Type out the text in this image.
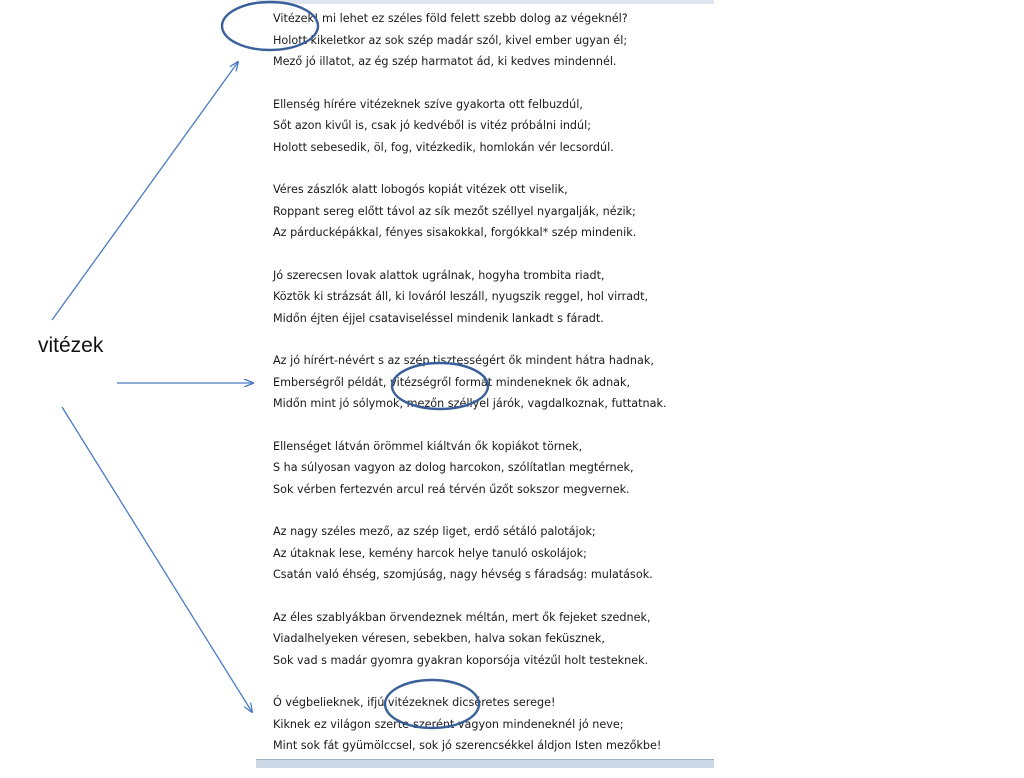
Vitézek! mi lehet ez széles föld felett szebb dolog az végeknél?
Holott kikeletkor az sok szép madár szól, kivel ember ugyan él;
Mező jó illatot, az ég szép harmatot ád, ki kedves mindennél.
Ellenség hírére vitézeknek szíve gyakorta ott felbuzdúl,
Sőt azon kivűl is, csak jó kedvéből is vitéz próbálni indúl;
Holott sebesedik, öl, fog, vitézkedik, homlokán vér lecsordúl.
Véres zászlók alatt lobogós kopiát vitézek ott viselik,
Roppant sereg előtt távol az sík mezőt széllyel nyargalják, nézik;
Az párducképákkal, fényes sisakokkal, forgókkal* szép mindenik.
Jó szerecsen lovak alattok ugrálnak, hogyha trombita riadt,
Köztök ki strázsát áll, ki lováról leszáll, nyugszik reggel, hol virradt,
Midőn éjten éjjel csataviseléssel mindenik lankadt s fáradt.
Az jó hírért-névért s az szép tisztességért ők mindent hátra hadnak,
Emberségről példát, vitézségről formát mindeneknek ők adnak,
Midőn mint jó sólymok, mezőn széllyel járók, vagdalkoznak, futtatnak.
Ellenséget látván örömmel kiáltván ők kopiákot törnek,
S ha súlyosan vagyon az dolog harcokon, szólítatlan megtérnek,
Sok vérben fertezvén arcul reá térvén űzőt sokszor megvernek.
Az nagy széles mező, az szép liget, erdő sétáló palotájok;
Az útaknak lese, kemény harcok helye tanuló oskolájok;
Csatán való éhség, szomjúság, nagy hévség s fáradság: mulatások.
Az éles szablyákban örvendeznek méltán, mert ők fejeket szednek,
Viadalhelyeken véresen, sebekben, halva sokan feküsznek,
Sok vad s madár gyomra gyakran koporsója vitézűl holt testeknek.
Ó végbelieknek, ifjú vitézeknek dicséretes serege!
Kiknek ez világon szerte-szerént vagyon mindeneknél jó neve;
Mint sok fát gyümölccsel, sok jó szerencsékkel áldjon Isten mezőkbe!
vitézek
